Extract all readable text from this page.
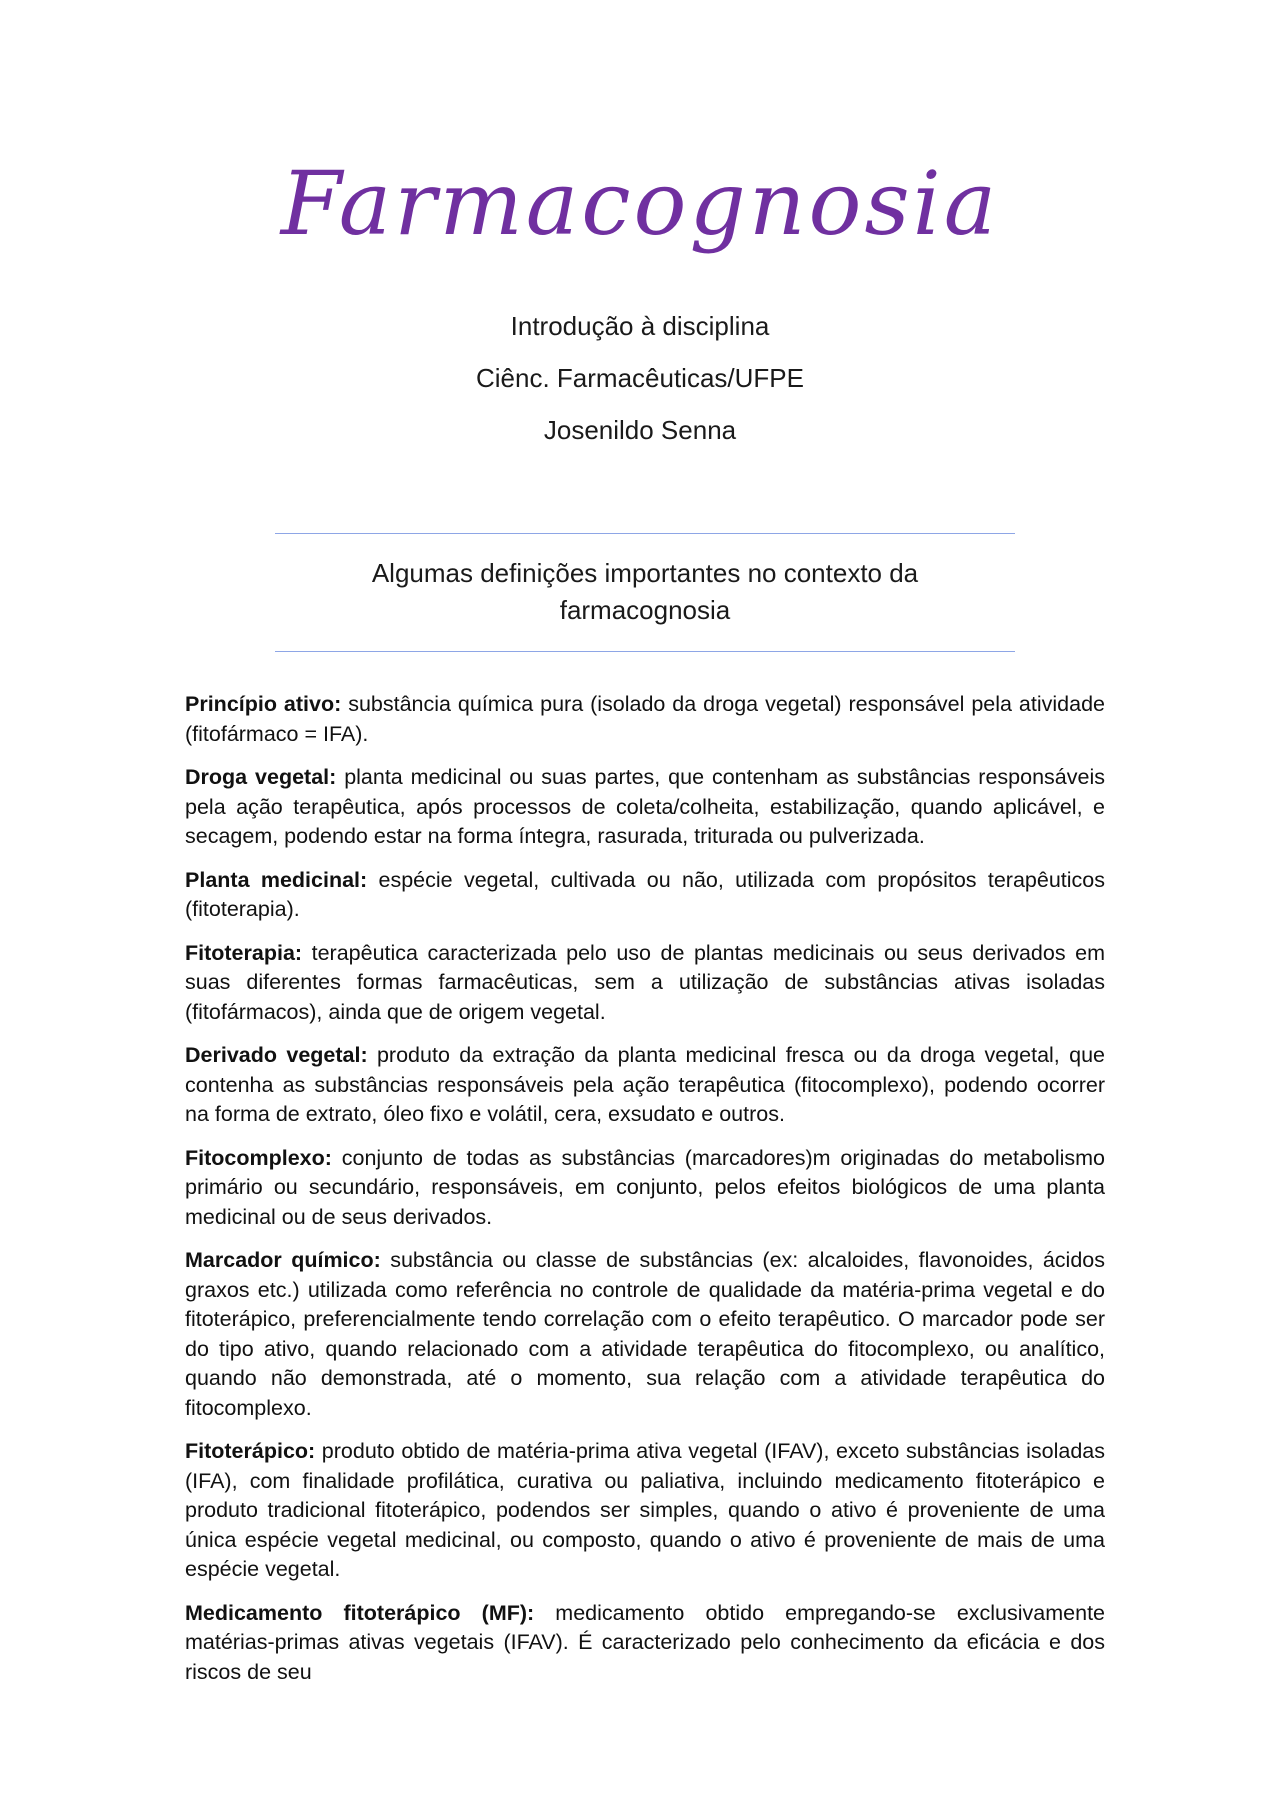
Farmacognosia
Introdução à disciplina
Ciênc. Farmacêuticas/UFPE
Josenildo Senna
Algumas definições importantes no contexto da farmacognosia

Princípio ativo: substância química pura (isolado da droga vegetal) responsável pela atividade (fitofármaco = IFA).

Droga vegetal: planta medicinal ou suas partes, que contenham as substâncias responsáveis pela ação terapêutica, após processos de coleta/colheita, estabilização, quando aplicável, e secagem, podendo estar na forma íntegra, rasurada, triturada ou pulverizada.

Planta medicinal: espécie vegetal, cultivada ou não, utilizada com propósitos terapêuticos (fitoterapia).

Fitoterapia: terapêutica caracterizada pelo uso de plantas medicinais ou seus derivados em suas diferentes formas farmacêuticas, sem a utilização de substâncias ativas isoladas (fitofármacos), ainda que de origem vegetal.

Derivado vegetal: produto da extração da planta medicinal fresca ou da droga vegetal, que contenha as substâncias responsáveis pela ação terapêutica (fitocomplexo), podendo ocorrer na forma de extrato, óleo fixo e volátil, cera, exsudato e outros.

Fitocomplexo: conjunto de todas as substâncias (marcadores)m originadas do metabolismo primário ou secundário, responsáveis, em conjunto, pelos efeitos biológicos de uma planta medicinal ou de seus derivados.

Marcador químico: substância ou classe de substâncias (ex: alcaloides, flavonoides, ácidos graxos etc.) utilizada como referência no controle de qualidade da matéria-prima vegetal e do fitoterápico, preferencialmente tendo correlação com o efeito terapêutico. O marcador pode ser do tipo ativo, quando relacionado com a atividade terapêutica do fitocomplexo, ou analítico, quando não demonstrada, até o momento, sua relação com a atividade terapêutica do fitocomplexo.

Fitoterápico: produto obtido de matéria-prima ativa vegetal (IFAV), exceto substâncias isoladas (IFA), com finalidade profilática, curativa ou paliativa, incluindo medicamento fitoterápico e produto tradicional fitoterápico, podendos ser simples, quando o ativo é proveniente de uma única espécie vegetal medicinal, ou composto, quando o ativo é proveniente de mais de uma espécie vegetal.

Medicamento fitoterápico (MF): medicamento obtido empregando-se exclusivamente matérias-primas ativas vegetais (IFAV). É caracterizado pelo conhecimento da eficácia e dos riscos de seu
